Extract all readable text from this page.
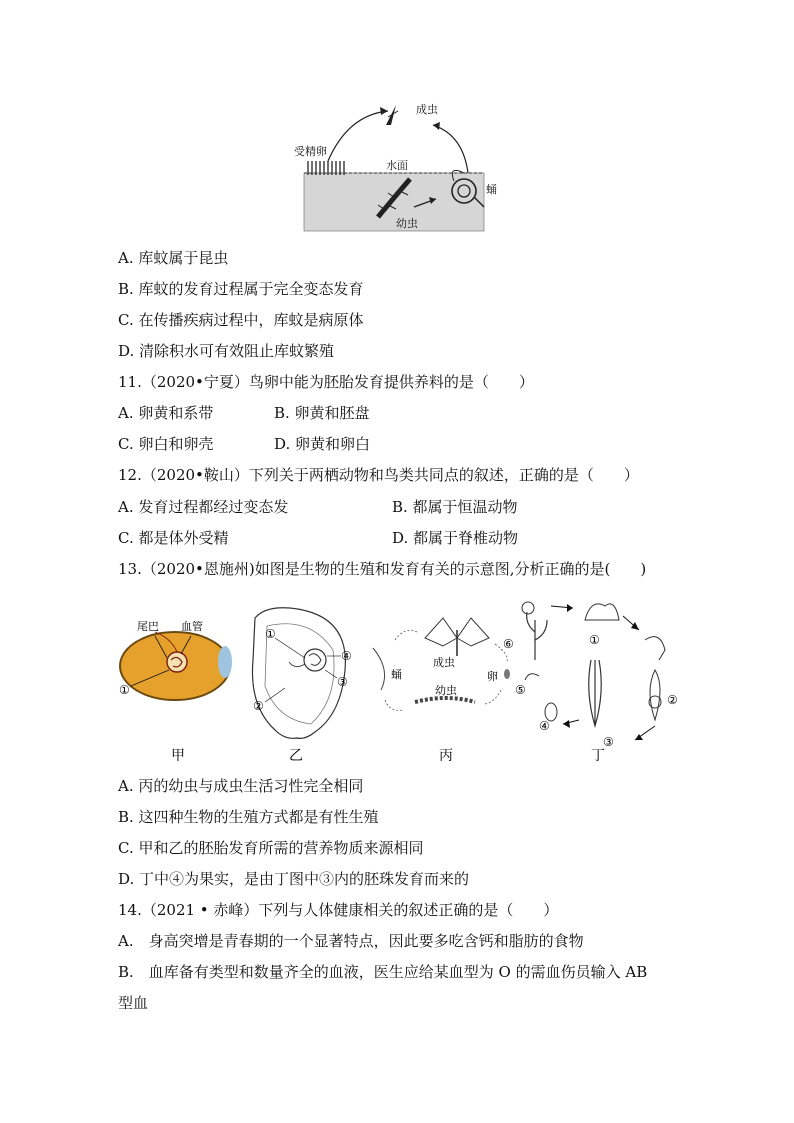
成虫
受精卵
水面
蛹
幼虫
A. 库蚊属于昆虫
B. 库蚊的发育过程属于完全变态发育
C. 在传播疾病过程中，库蚊是病原体
D. 清除积水可有效阻止库蚊繁殖
11.（2020•宁夏）鸟卵中能为胚胎发育提供养料的是（　　）
A. 卵黄和系带	B. 卵黄和胚盘
C. 卵白和卵壳	D. 卵黄和卵白
12.（2020•鞍山）下列关于两栖动物和鸟类共同点的叙述，正确的是（　　）
A. 发育过程都经过变态发	B. 都属于恒温动物
C. 都是体外受精	D. 都属于脊椎动物
13.（2020•恩施州)如图是生物的生殖和发育有关的示意图,分析正确的是(　　)
尾巴 血管
①
①
②
④
③
成虫
蛹	卵
幼虫
⑥	①
②
③
④
⑤
甲	乙	丙	丁
A. 丙的幼虫与成虫生活习性完全相同
B. 这四种生物的生殖方式都是有性生殖
C. 甲和乙的胚胎发育所需的营养物质来源相同
D. 丁中④为果实，是由丁图中③内的胚珠发育而来的
14.（2021 • 赤峰）下列与人体健康相关的叙述正确的是（　　）
A.　身高突增是青春期的一个显著特点，因此要多吃含钙和脂肪的食物
B.　血库备有类型和数量齐全的血液，医生应给某血型为 O 的需血伤员输入 AB
型血
